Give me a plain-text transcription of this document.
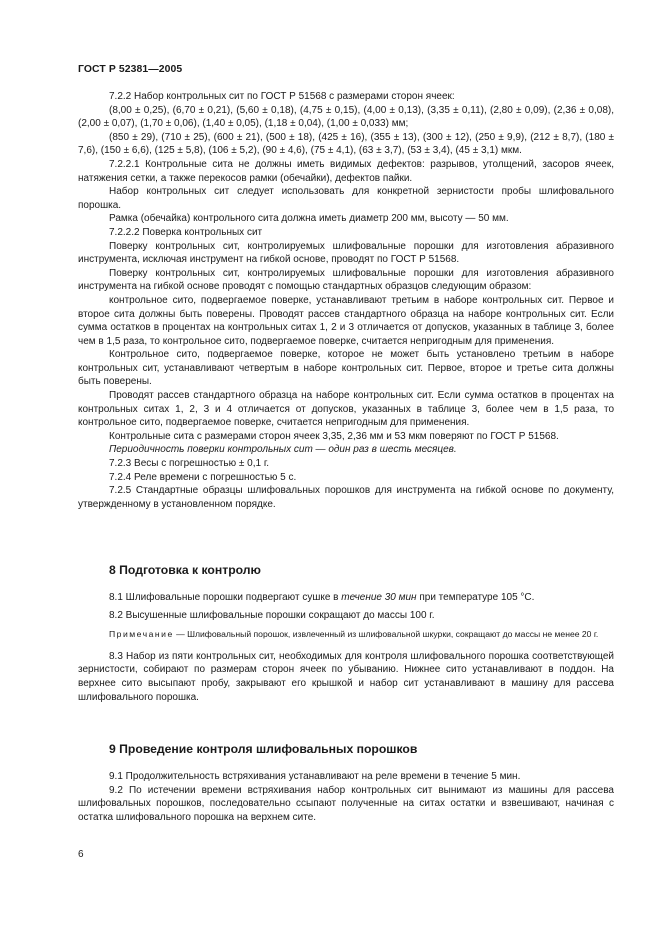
ГОСТ Р 52381—2005

7.2.2 Набор контрольных сит по ГОСТ Р 51568 с размерами сторон ячеек:

(8,00 ± 0,25), (6,70 ± 0,21), (5,60 ± 0,18), (4,75 ± 0,15), (4,00 ± 0,13), (3,35 ± 0,11), (2,80 ± 0,09), (2,36 ± 0,08), (2,00 ± 0,07), (1,70 ± 0,06), (1,40 ± 0,05), (1,18 ± 0,04), (1,00 ± 0,033) мм;

(850 ± 29), (710 ± 25), (600 ± 21), (500 ± 18), (425 ± 16), (355 ± 13), (300 ± 12), (250 ± 9,9), (212 ± 8,7), (180 ± 7,6), (150 ± 6,6), (125 ± 5,8), (106 ± 5,2), (90 ± 4,6), (75 ± 4,1), (63 ± 3,7), (53 ± 3,4), (45 ± 3,1) мкм.

7.2.2.1 Контрольные сита не должны иметь видимых дефектов: разрывов, утолщений, засоров ячеек, натяжения сетки, а также перекосов рамки (обечайки), дефектов пайки.

Набор контрольных сит следует использовать для конкретной зернистости пробы шлифовального порошка.

Рамка (обечайка) контрольного сита должна иметь диаметр 200 мм, высоту — 50 мм.

7.2.2.2 Поверка контрольных сит

Поверку контрольных сит, контролируемых шлифовальные порошки для изготовления абразивного инструмента, исключая инструмент на гибкой основе, проводят по ГОСТ Р 51568.

Поверку контрольных сит, контролируемых шлифовальные порошки для изготовления абразивного инструмента на гибкой основе проводят с помощью стандартных образцов следующим образом:

контрольное сито, подвергаемое поверке, устанавливают третьим в наборе контрольных сит. Первое и второе сита должны быть поверены. Проводят рассев стандартного образца на наборе контрольных сит. Если сумма остатков в процентах на контрольных ситах 1, 2 и 3 отличается от допусков, указанных в таблице 3, более чем в 1,5 раза, то контрольное сито, подвергаемое поверке, считается непригодным для применения.

Контрольное сито, подвергаемое поверке, которое не может быть установлено третьим в наборе контрольных сит, устанавливают четвертым в наборе контрольных сит. Первое, второе и третье сита должны быть поверены.

Проводят рассев стандартного образца на наборе контрольных сит. Если сумма остатков в процентах на контрольных ситах 1, 2, 3 и 4 отличается от допусков, указанных в таблице 3, более чем в 1,5 раза, то контрольное сито, подвергаемое поверке, считается непригодным для применения.

Контрольные сита с размерами сторон ячеек 3,35, 2,36 мм и 53 мкм поверяют по ГОСТ Р 51568.

Периодичность поверки контрольных сит — один раз в шесть месяцев.

7.2.3 Весы с погрешностью ± 0,1 г.

7.2.4 Реле времени с погрешностью 5 с.

7.2.5 Стандартные образцы шлифовальных порошков для инструмента на гибкой основе по документу, утвержденному в установленном порядке.

8 Подготовка к контролю

8.1 Шлифовальные порошки подвергают сушке в течение 30 мин при температуре 105 °С.

8.2 Высушенные шлифовальные порошки сокращают до массы 100 г.

Примечание — Шлифовальный порошок, извлеченный из шлифовальной шкурки, сокращают до массы не менее 20 г.

8.3 Набор из пяти контрольных сит, необходимых для контроля шлифовального порошка соответствующей зернистости, собирают по размерам сторон ячеек по убыванию. Нижнее сито устанавливают в поддон. На верхнее сито высыпают пробу, закрывают его крышкой и набор сит устанавливают в машину для рассева шлифовального порошка.

9 Проведение контроля шлифовальных порошков

9.1 Продолжительность встряхивания устанавливают на реле времени в течение 5 мин.

9.2 По истечении времени встряхивания набор контрольных сит вынимают из машины для рассева шлифовальных порошков, последовательно ссыпают полученные на ситах остатки и взвешивают, начиная с остатка шлифовального порошка на верхнем сите.

6
